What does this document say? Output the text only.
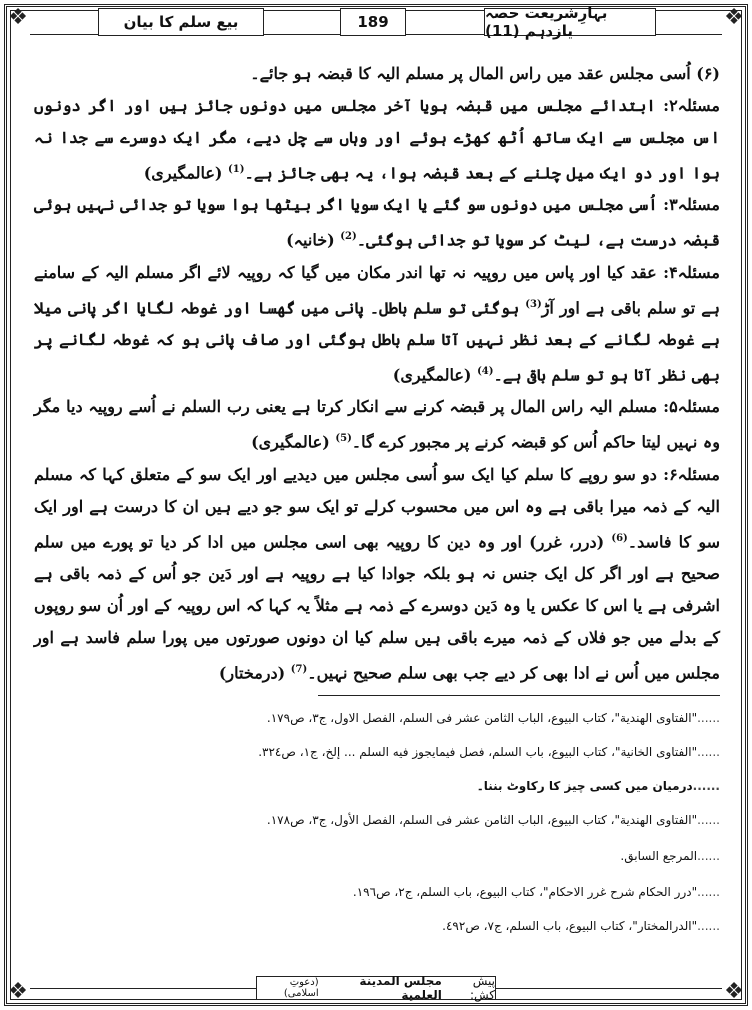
❖	❖
❖	❖
بیع سلم کا بیان	189	بہارِشریعت حصہ یازدہم (11)

(۶) اُسی مجلس عقد میں راس المال پر مسلم الیہ کا قبضہ ہو جائے۔

مسئلہ۲: ابتدائے مجلس میں قبضہ ہویا آخر مجلس میں دونوں جائز ہیں اور اگر دونوں اس مجلس سے ایک ساتھ اُٹھ کھڑے ہوئے اور وہاں سے چل دیے، مگر ایک دوسرے سے جدا نہ ہوا اور دو ایک میل چلنے کے بعد قبضہ ہوا، یہ بھی جائز ہے۔$^{(1)}$ (عالمگیری)

مسئلہ۳: اُسی مجلس میں دونوں سو گئے یا ایک سویا اگر بیٹھا ہوا سویا تو جدائی نہیں ہوئی قبضہ درست ہے، لیٹ کر سویا تو جدائی ہوگئی۔$^{(2)}$ (خانیہ)

مسئلہ۴: عقد کیا اور پاس میں روپیہ نہ تھا اندر مکان میں گیا کہ روپیہ لائے اگر مسلم الیہ کے سامنے ہے تو سلم باقی ہے اور آڑ$^{(3)}$ ہوگئی تو سلم باطل۔ پانی میں گھسا اور غوطہ لگایا اگر پانی میلا ہے غوطہ لگانے کے بعد نظر نہیں آتا سلم باطل ہوگئی اور صاف پانی ہو کہ غوطہ لگانے پر بھی نظر آتا ہو تو سلم باقی ہے۔$^{(4)}$ (عالمگیری)

مسئلہ۵: مسلم الیہ راس المال پر قبضہ کرنے سے انکار کرتا ہے یعنی رب السلم نے اُسے روپیہ دیا مگر وہ نہیں لیتا حاکم اُس کو قبضہ کرنے پر مجبور کرے گا۔$^{(5)}$ (عالمگیری)

مسئلہ۶: دو سو روپے کا سلم کیا ایک سو اُسی مجلس میں دیدیے اور ایک سو کے متعلق کہا کہ مسلم الیہ کے ذمہ میرا باقی ہے وہ اس میں محسوب کرلے تو ایک سو جو دیے ہیں ان کا درست ہے اور ایک سو کا فاسد۔$^{(6)}$ (درر، غرر) اور وہ دین کا روپیہ بھی اسی مجلس میں ادا کر دیا تو پورے میں سلم صحیح ہے اور اگر کل ایک جنس نہ ہو بلکہ جوادا کیا ہے روپیہ ہے اور دَین جو اُس کے ذمہ باقی ہے اشرفی ہے یا اس کا عکس یا وہ دَین دوسرے کے ذمہ ہے مثلاً یہ کہا کہ اس روپیہ کے اور اُن سو روپوں کے بدلے میں جو فلاں کے ذمہ میرے باقی ہیں سلم کیا ان دونوں صورتوں میں پورا سلم فاسد ہے اور مجلس میں اُس نے ادا بھی کر دیے جب بھی سلم صحیح نہیں۔$^{(7)}$ (درمختار)

......"الفتاوی الهندية"، كتاب البيوع، الباب الثامن عشر فی السلم، الفصل الاول، ج۳، ص۱۷۹.
......"الفتاوی الخانية"، كتاب البيوع، باب السلم، فصل فيمايجوز فيه السلم ... إلخ، ج۱، ص۳۲٤.
......درمیان میں کسی چیز کا رکاوٹ بننا۔
......"الفتاوی الهندية"، كتاب البيوع، الباب الثامن عشر فی السلم، الفصل الأول، ج۳، ص۱۷۸.
......المرجع السابق.
......"درر الحكام شرح غرر الاحكام"، كتاب البيوع، باب السلم، ج۲، ص۱۹٦.
......"الدرالمختار"، كتاب البيوع، باب السلم، ج۷، ص٤٩٢.
پیش کش:
مجلس المدينة العلمية
(دعوتِ اسلامی)
